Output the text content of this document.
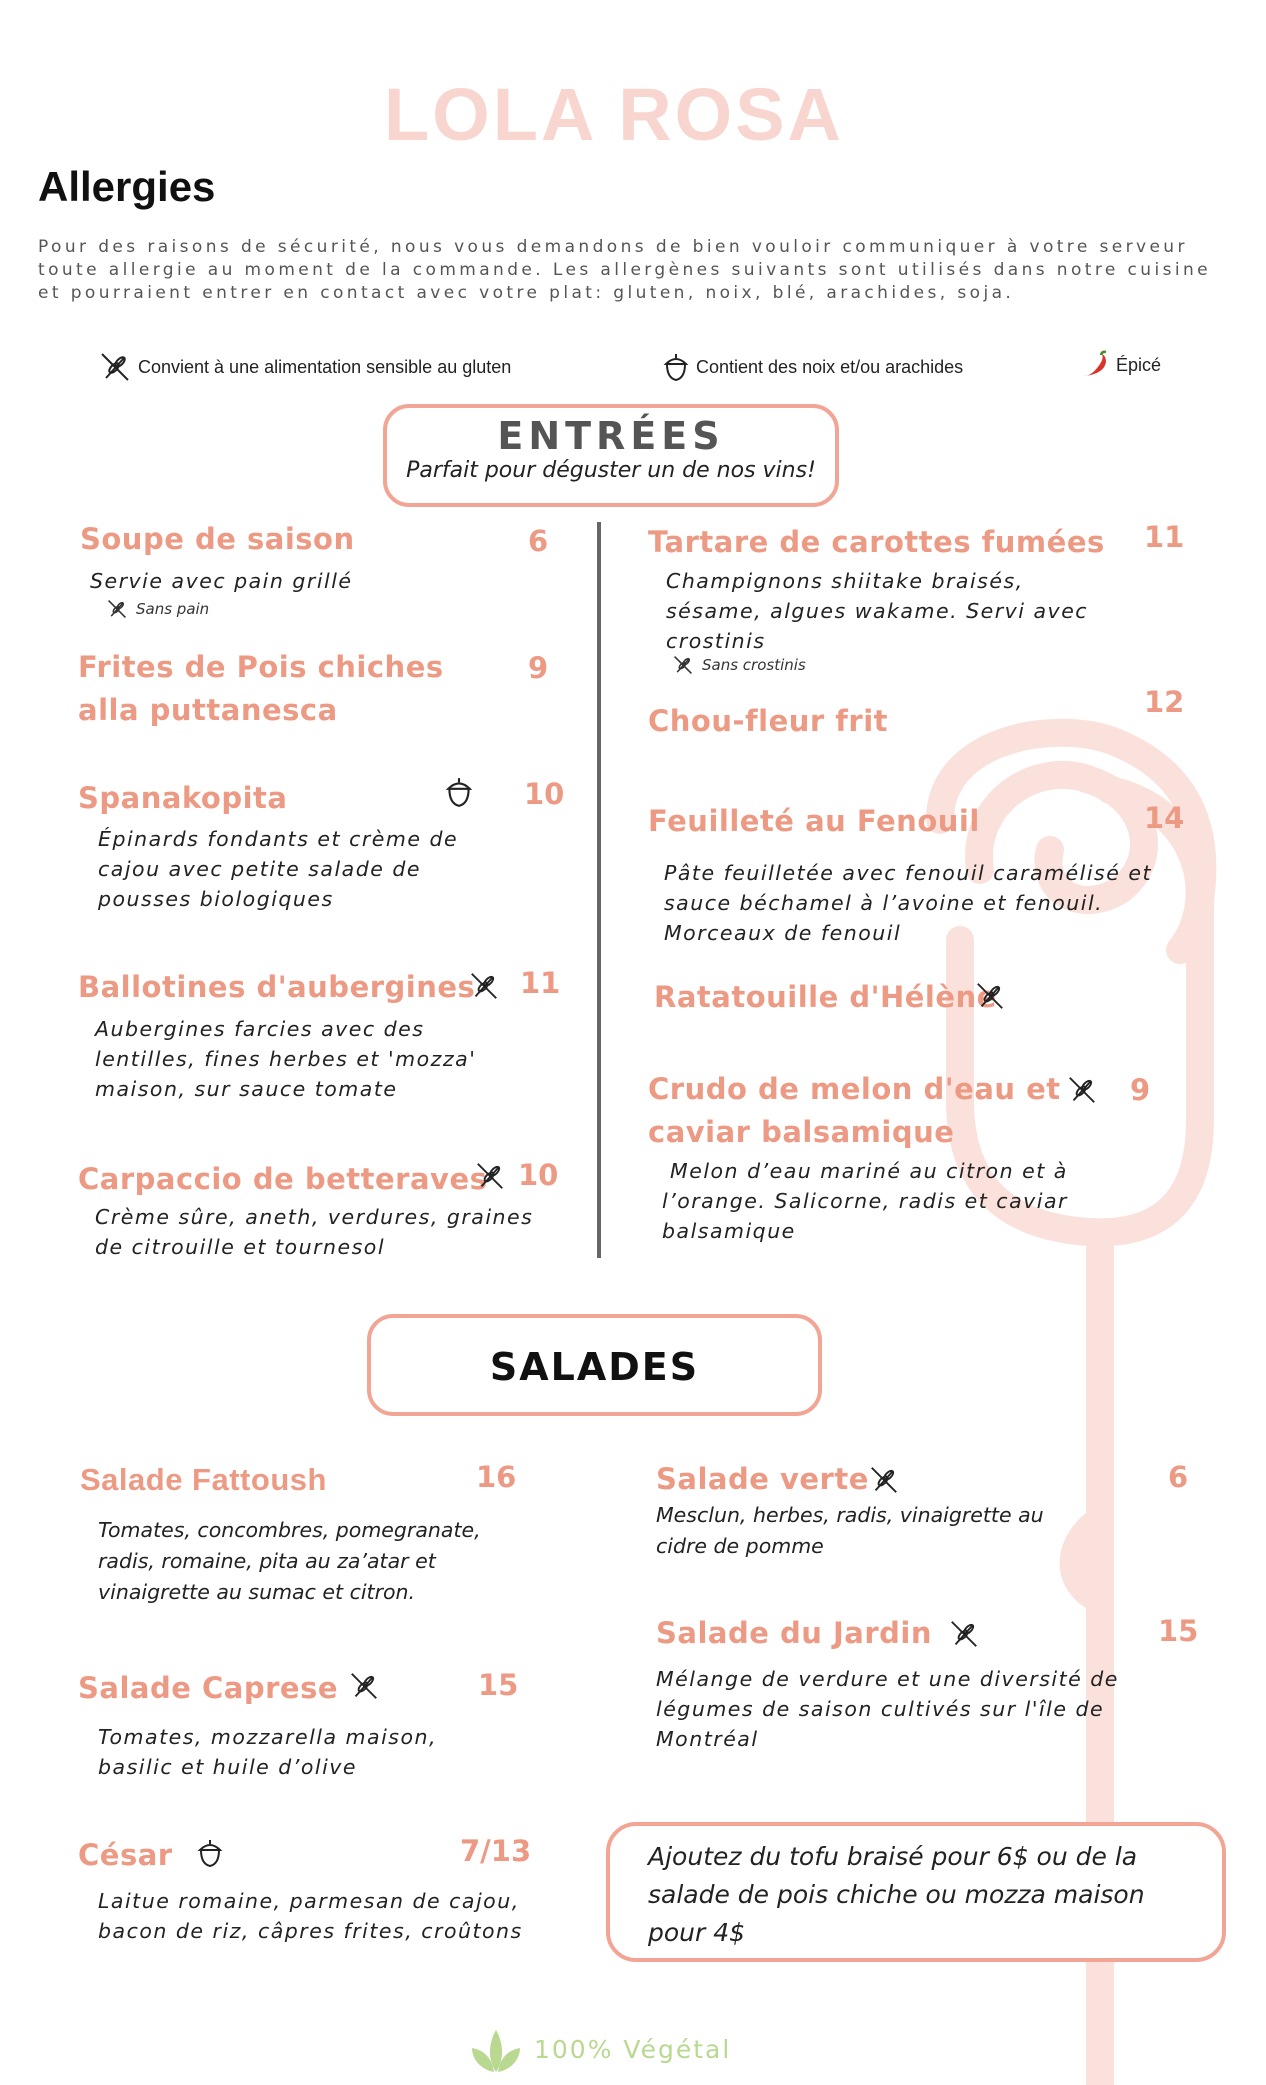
LOLA ROSA
Allergies
Pour des raisons de sécurité, nous vous demandons de bien vouloir communiquer à votre serveur toute allergie au moment de la commande. Les allergènes suivants sont utilisés dans notre cuisine et pourraient entrer en contact avec votre plat: gluten, noix, blé, arachides, soja.
Convient à une alimentation sensible au gluten	Contient des noix et/ou arachides	Épicé
ENTRÉES
Parfait pour déguster un de nos vins!
Soupe de saison	6
Servie avec pain grillé
Sans pain
Frites de Pois chiches
alla puttanesca
9
Spanakopita	10
Épinards fondants et crème de
cajou avec petite salade de
pousses biologiques
Ballotines d'aubergines 11
Aubergines farcies avec des
lentilles, fines herbes et 'mozza'
maison, sur sauce tomate
Carpaccio de betteraves 10
Crème sûre, aneth, verdures, graines
de citrouille et tournesol
Tartare de carottes fumées 11
Champignons shiitake braisés,
sésame, algues wakame. Servi avec
crostinis
Sans crostinis
Chou-fleur frit
12
Feuilleté au Fenouil	14
Pâte feuilletée avec fenouil caramélisé et
sauce béchamel à l’avoine et fenouil.
Morceaux de fenouil
Ratatouille d'Hélène
Crudo de melon d'eau et
caviar balsamique
9
Melon d’eau mariné au citron et à
l’orange. Salicorne, radis et caviar
balsamique
SALADES
Salade Fattoush	16
Tomates, concombres, pomegranate,
radis, romaine, pita au za’atar et
vinaigrette au sumac et citron.
Salade Caprese	15
Tomates, mozzarella maison,
basilic et huile d’olive
César	7/13
Laitue romaine, parmesan de cajou,
bacon de riz, câpres frites, croûtons
Salade verte	6
Mesclun, herbes, radis, vinaigrette au
cidre de pomme
Salade du Jardin	15
Mélange de verdure et une diversité de
légumes de saison cultivés sur l'île de
Montréal
Ajoutez du tofu braisé pour 6$ ou de la
salade de pois chiche ou mozza maison
pour 4$
100% Végétal
